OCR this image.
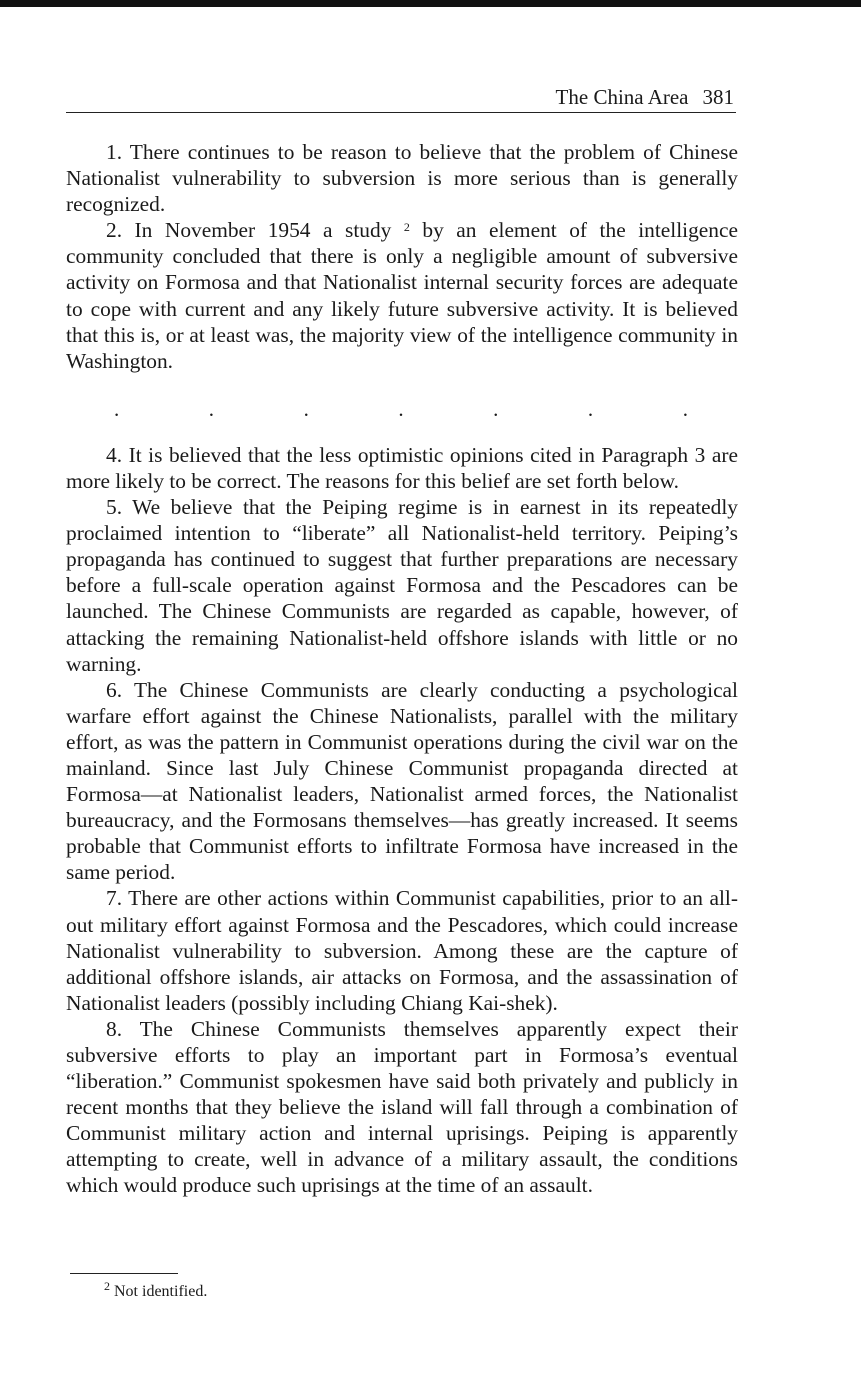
The China Area 381

1. There continues to be reason to believe that the problem of Chinese Nationalist vulnerability to subversion is more serious than is generally recognized.

2. In November 1954 a study $^2$ by an element of the intelligence community concluded that there is only a negligible amount of subversive activity on Formosa and that Nationalist internal security forces are adequate to cope with current and any likely future subversive activity. It is believed that this is, or at least was, the majority view of the intelligence community in Washington.

.	.	.	.	.	.	.

4. It is believed that the less optimistic opinions cited in Paragraph 3 are more likely to be correct. The reasons for this belief are set forth below.

5. We believe that the Peiping regime is in earnest in its repeatedly proclaimed intention to “liberate” all Nationalist-held territory. Peiping’s propaganda has continued to suggest that further preparations are necessary before a full-scale operation against Formosa and the Pescadores can be launched. The Chinese Communists are regarded as capable, however, of attacking the remaining Nationalist-held offshore islands with little or no warning.

6. The Chinese Communists are clearly conducting a psychological warfare effort against the Chinese Nationalists, parallel with the military effort, as was the pattern in Communist operations during the civil war on the mainland. Since last July Chinese Communist propaganda directed at Formosa—at Nationalist leaders, Nationalist armed forces, the Nationalist bureaucracy, and the Formosans themselves—has greatly increased. It seems probable that Communist efforts to infiltrate Formosa have increased in the same period.

7. There are other actions within Communist capabilities, prior to an all-out military effort against Formosa and the Pescadores, which could increase Nationalist vulnerability to subversion. Among these are the capture of additional offshore islands, air attacks on Formosa, and the assassination of Nationalist leaders (possibly including Chiang Kai-shek).

8. The Chinese Communists themselves apparently expect their subversive efforts to play an important part in Formosa’s eventual “liberation.” Communist spokesmen have said both privately and publicly in recent months that they believe the island will fall through a combination of Communist military action and internal uprisings. Peiping is apparently attempting to create, well in advance of a military assault, the conditions which would produce such uprisings at the time of an assault.

$^2$ Not identified.
